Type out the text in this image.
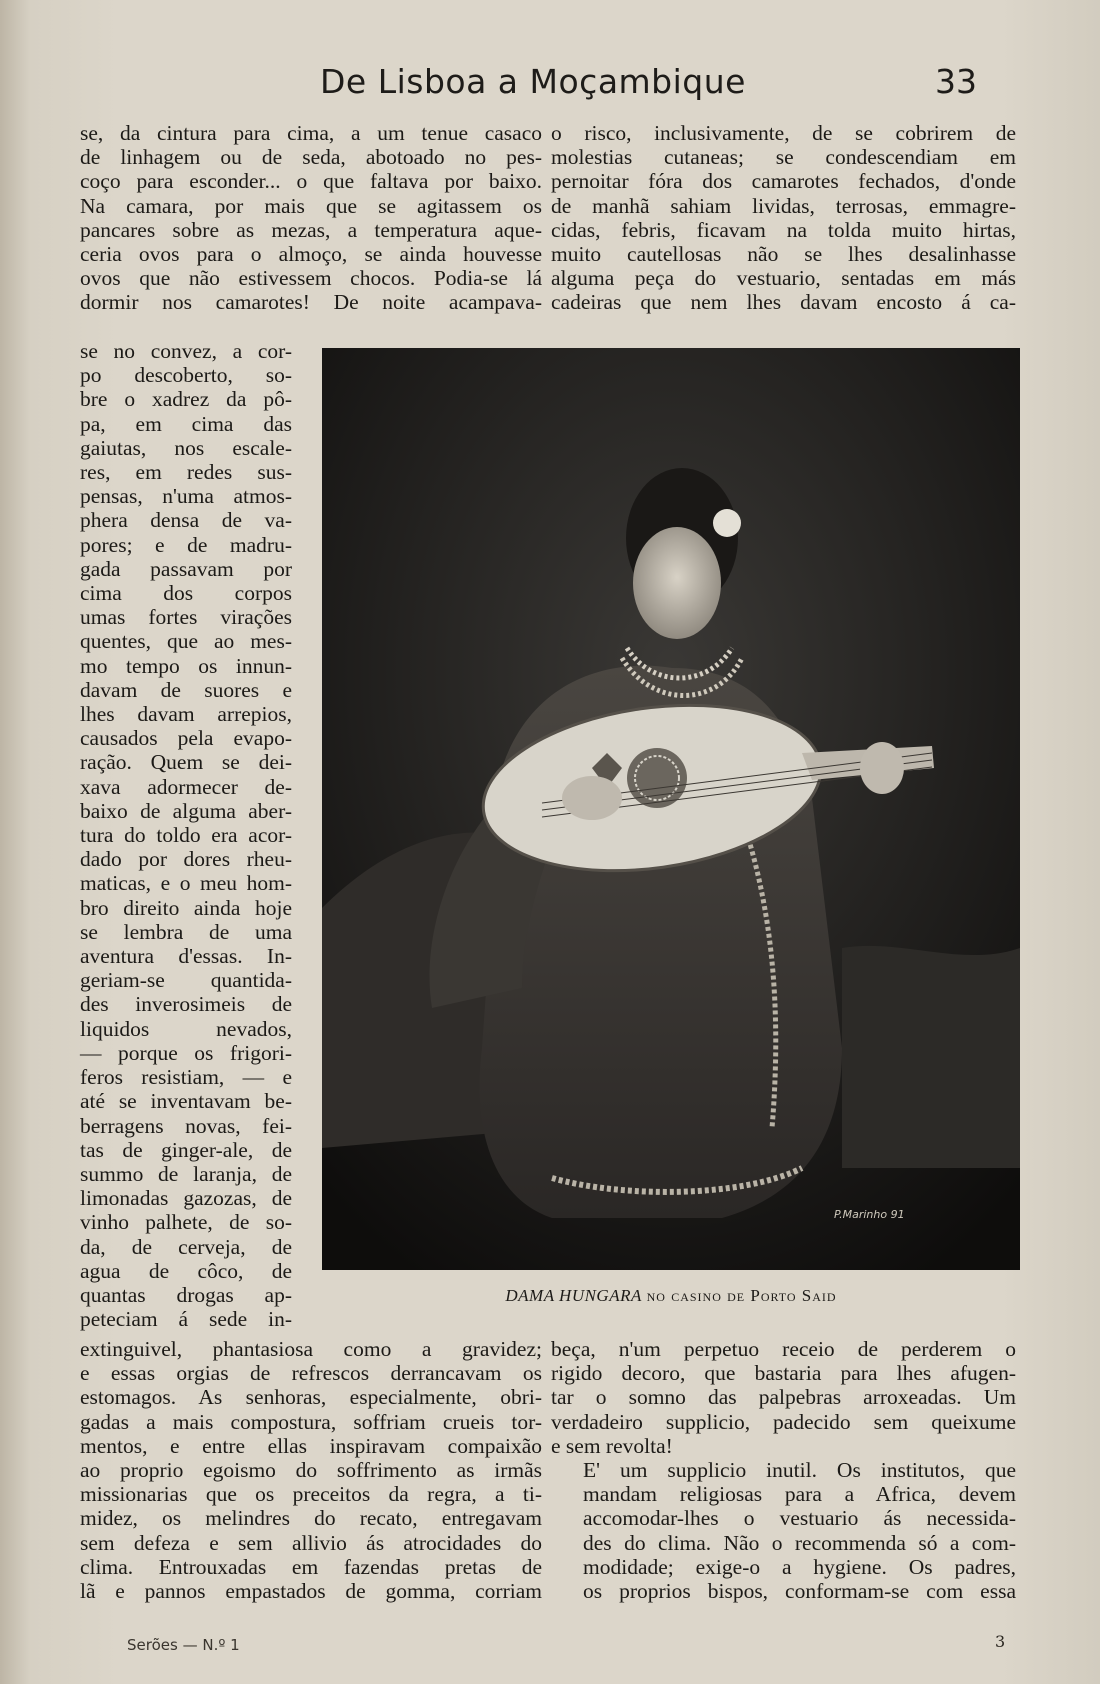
De Lisboa a Moçambique	33
se, da cintura para cima, a um tenue casaco
de linhagem ou de seda, abotoado no pes-
coço para esconder... o que faltava por baixo.
Na camara, por mais que se agitassem os
pancares sobre as mezas, a temperatura aque-
ceria ovos para o almoço, se ainda houvesse
ovos que não estivessem chocos. Podia-se lá
dormir nos camarotes! De noite acampava-
o risco, inclusivamente, de se cobrirem de
molestias cutaneas; se condescendiam em
pernoitar fóra dos camarotes fechados, d'onde
de manhã sahiam lividas, terrosas, emmagre-
cidas, febris, ficavam na tolda muito hirtas,
muito cautellosas não se lhes desalinhasse
alguma peça do vestuario, sentadas em más
cadeiras que nem lhes davam encosto á ca-
se no convez, a cor-
po descoberto, so-
bre o xadrez da pô-
pa, em cima das
gaiutas, nos escale-
res, em redes sus-
pensas, n'uma atmos-
phera densa de va-
pores; e de madru-
gada passavam por
cima dos corpos
umas fortes virações
quentes, que ao mes-
mo tempo os innun-
davam de suores e
lhes davam arrepios,
causados pela evapo-
ração. Quem se dei-
xava adormecer de-
baixo de alguma aber-
tura do toldo era acor-
dado por dores rheu-
maticas, e o meu hom-
bro direito ainda hoje
se lembra de uma
aventura d'essas. In-
geriam-se quantida-
des inverosimeis de
liquidos nevados,
— porque os frigori-
feros resistiam, — e
até se inventavam be-
berragens novas, fei-
tas de ginger-ale, de
summo de laranja, de
limonadas gazozas, de
vinho palhete, de so-
da, de cerveja, de
agua de côco, de
quantas drogas ap-
peteciam á sede in-
P.Marinho 91
DAMA HUNGARA no casino de Porto Said
extinguivel, phantasiosa como a gravidez;
e essas orgias de refrescos derrancavam os
estomagos. As senhoras, especialmente, obri-
gadas a mais compostura, soffriam crueis tor-
mentos, e entre ellas inspiravam compaixão
ao proprio egoismo do soffrimento as irmãs
missionarias que os preceitos da regra, a ti-
midez, os melindres do recato, entregavam
sem defeza e sem allivio ás atrocidades do
clima. Entrouxadas em fazendas pretas de
lã e pannos empastados de gomma, corriam

beça, n'um perpetuo receio de perderem o
rigido decoro, que bastaria para lhes afugen-
tar o somno das palpebras arroxeadas. Um
verdadeiro supplicio, padecido sem queixume
e sem revolta!

E' um supplicio inutil. Os institutos, que
mandam religiosas para a Africa, devem
accomodar-lhes o vestuario ás necessida-
des do clima. Não o recommenda só a com-
modidade; exige-o a hygiene. Os padres,
os proprios bispos, conformam-se com essa

Serões — N.º 1	3
